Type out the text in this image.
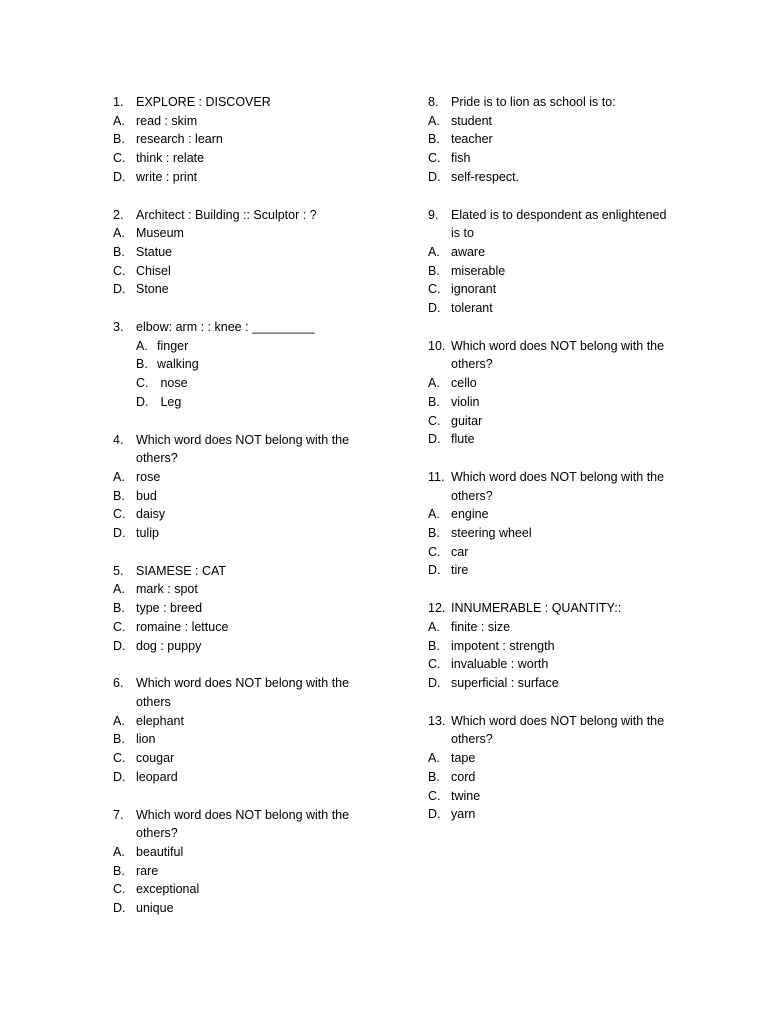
1.	EXPLORE : DISCOVER
A. read : skim
B. research : learn
C. think : relate
D. write : print
2.	Architect : Building :: Sculptor : ?
A. Museum
B. Statue
C. Chisel
D. Stone
3.	elbow: arm : : knee : _________
A. finger
B. walking
C. nose
D. Leg
4.	Which word does NOT belong with the others?
A. rose
B. bud
C. daisy
D. tulip
5.	SIAMESE : CAT
A. mark : spot
B. type : breed
C. romaine : lettuce
D. dog : puppy
6.	Which word does NOT belong with the others
A. elephant
B. lion
C. cougar
D. leopard
7.	Which word does NOT belong with the others?
A. beautiful
B. rare
C. exceptional
D. unique
8.	Pride is to lion as school is to:
A. student
B. teacher
C. fish
D. self-respect.
9.	Elated is to despondent as enlightened is to
A. aware
B. miserable
C. ignorant
D. tolerant
10. Which word does NOT belong with the others?
A. cello
B. violin
C. guitar
D. flute
11. Which word does NOT belong with the others?
A. engine
B. steering wheel
C. car
D. tire
12. INNUMERABLE : QUANTITY::
A. finite : size
B. impotent : strength
C. invaluable : worth
D. superficial : surface
13. Which word does NOT belong with the others?
A. tape
B. cord
C. twine
D. yarn
